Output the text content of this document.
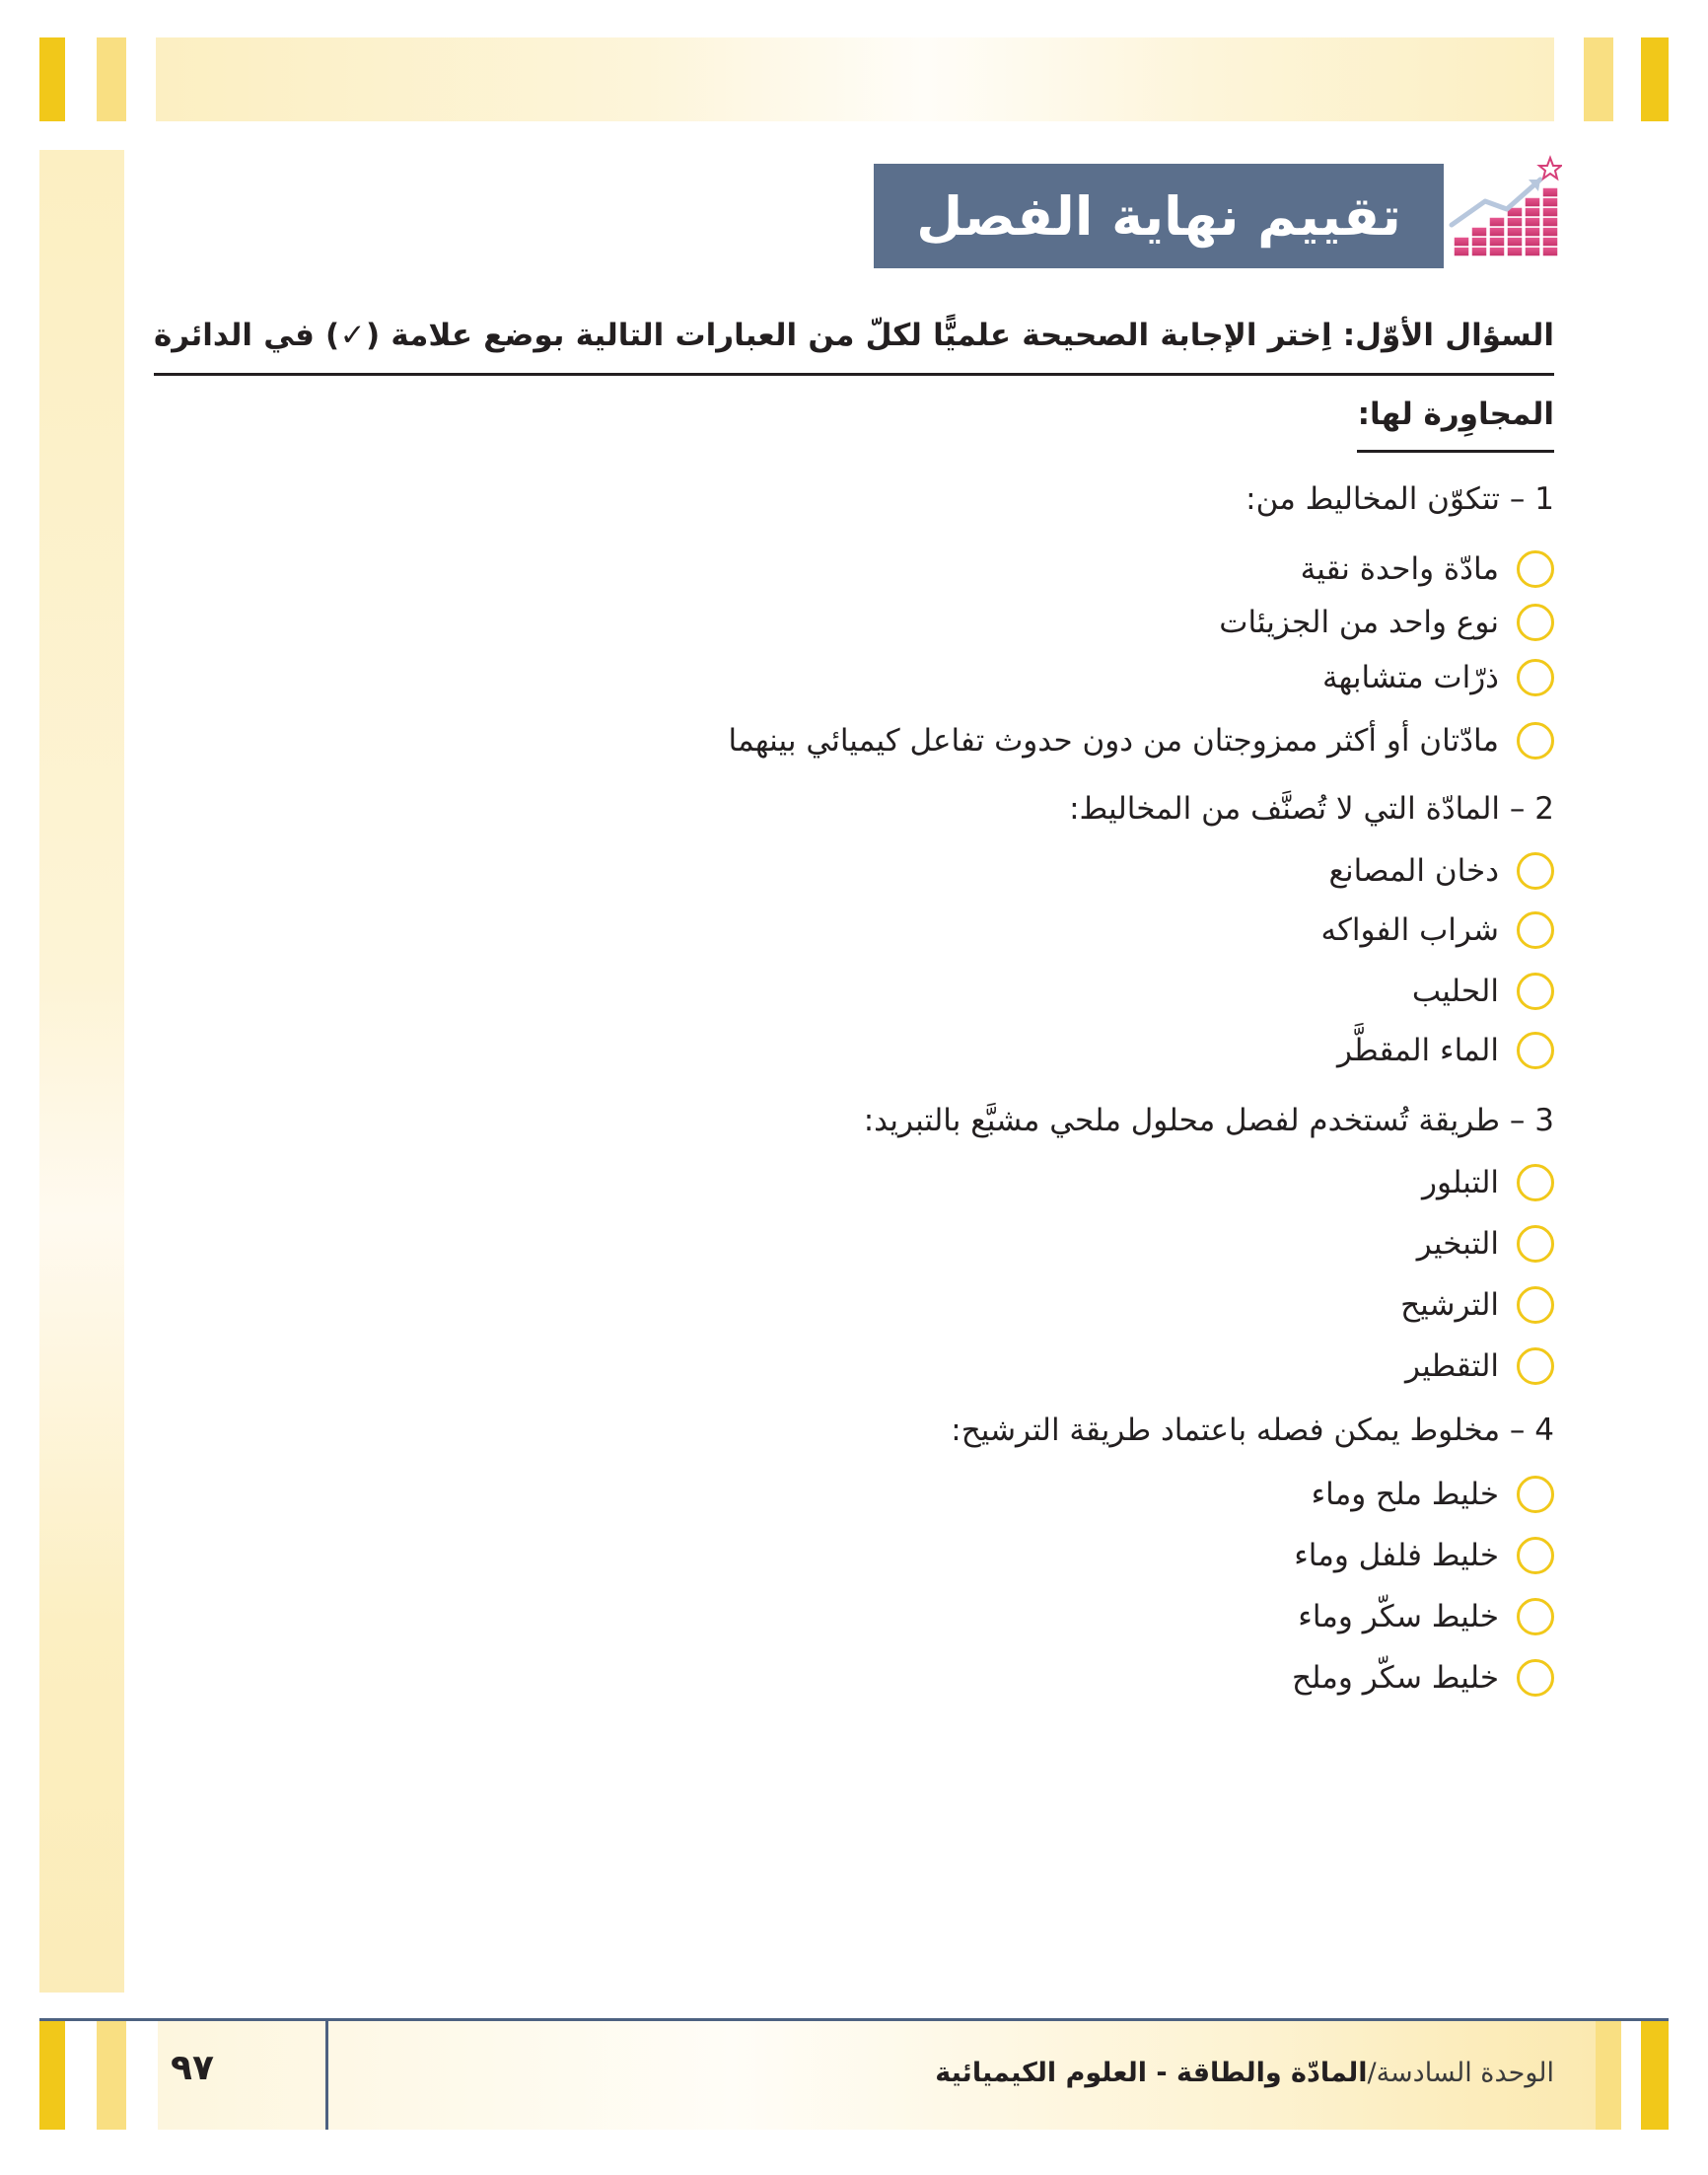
تقييم نهاية الفصل
السؤال الأوّل: اِختر الإجابة الصحيحة علميًّا لكلّ من العبارات التالية بوضع علامة (✓) في الدائرة
المجاوِرة لها:
1 – تتكوّن المخاليط من:
مادّة واحدة نقية
نوع واحد من الجزيئات
ذرّات متشابهة
مادّتان أو أكثر ممزوجتان من دون حدوث تفاعل كيميائي بينهما
2 – المادّة التي لا تُصنَّف من المخاليط:
دخان المصانع
شراب الفواكه
الحليب
الماء المقطَّر
3 – طريقة تُستخدم لفصل محلول ملحي مشبَّع بالتبريد:
التبلور
التبخير
الترشيح
التقطير
4 – مخلوط يمكن فصله باعتماد طريقة الترشيح:
خليط ملح وماء
خليط فلفل وماء
خليط سكّر وماء
خليط سكّر وملح
٩٧	الوحدة السادسة/المادّة والطاقة - العلوم الكيميائية
